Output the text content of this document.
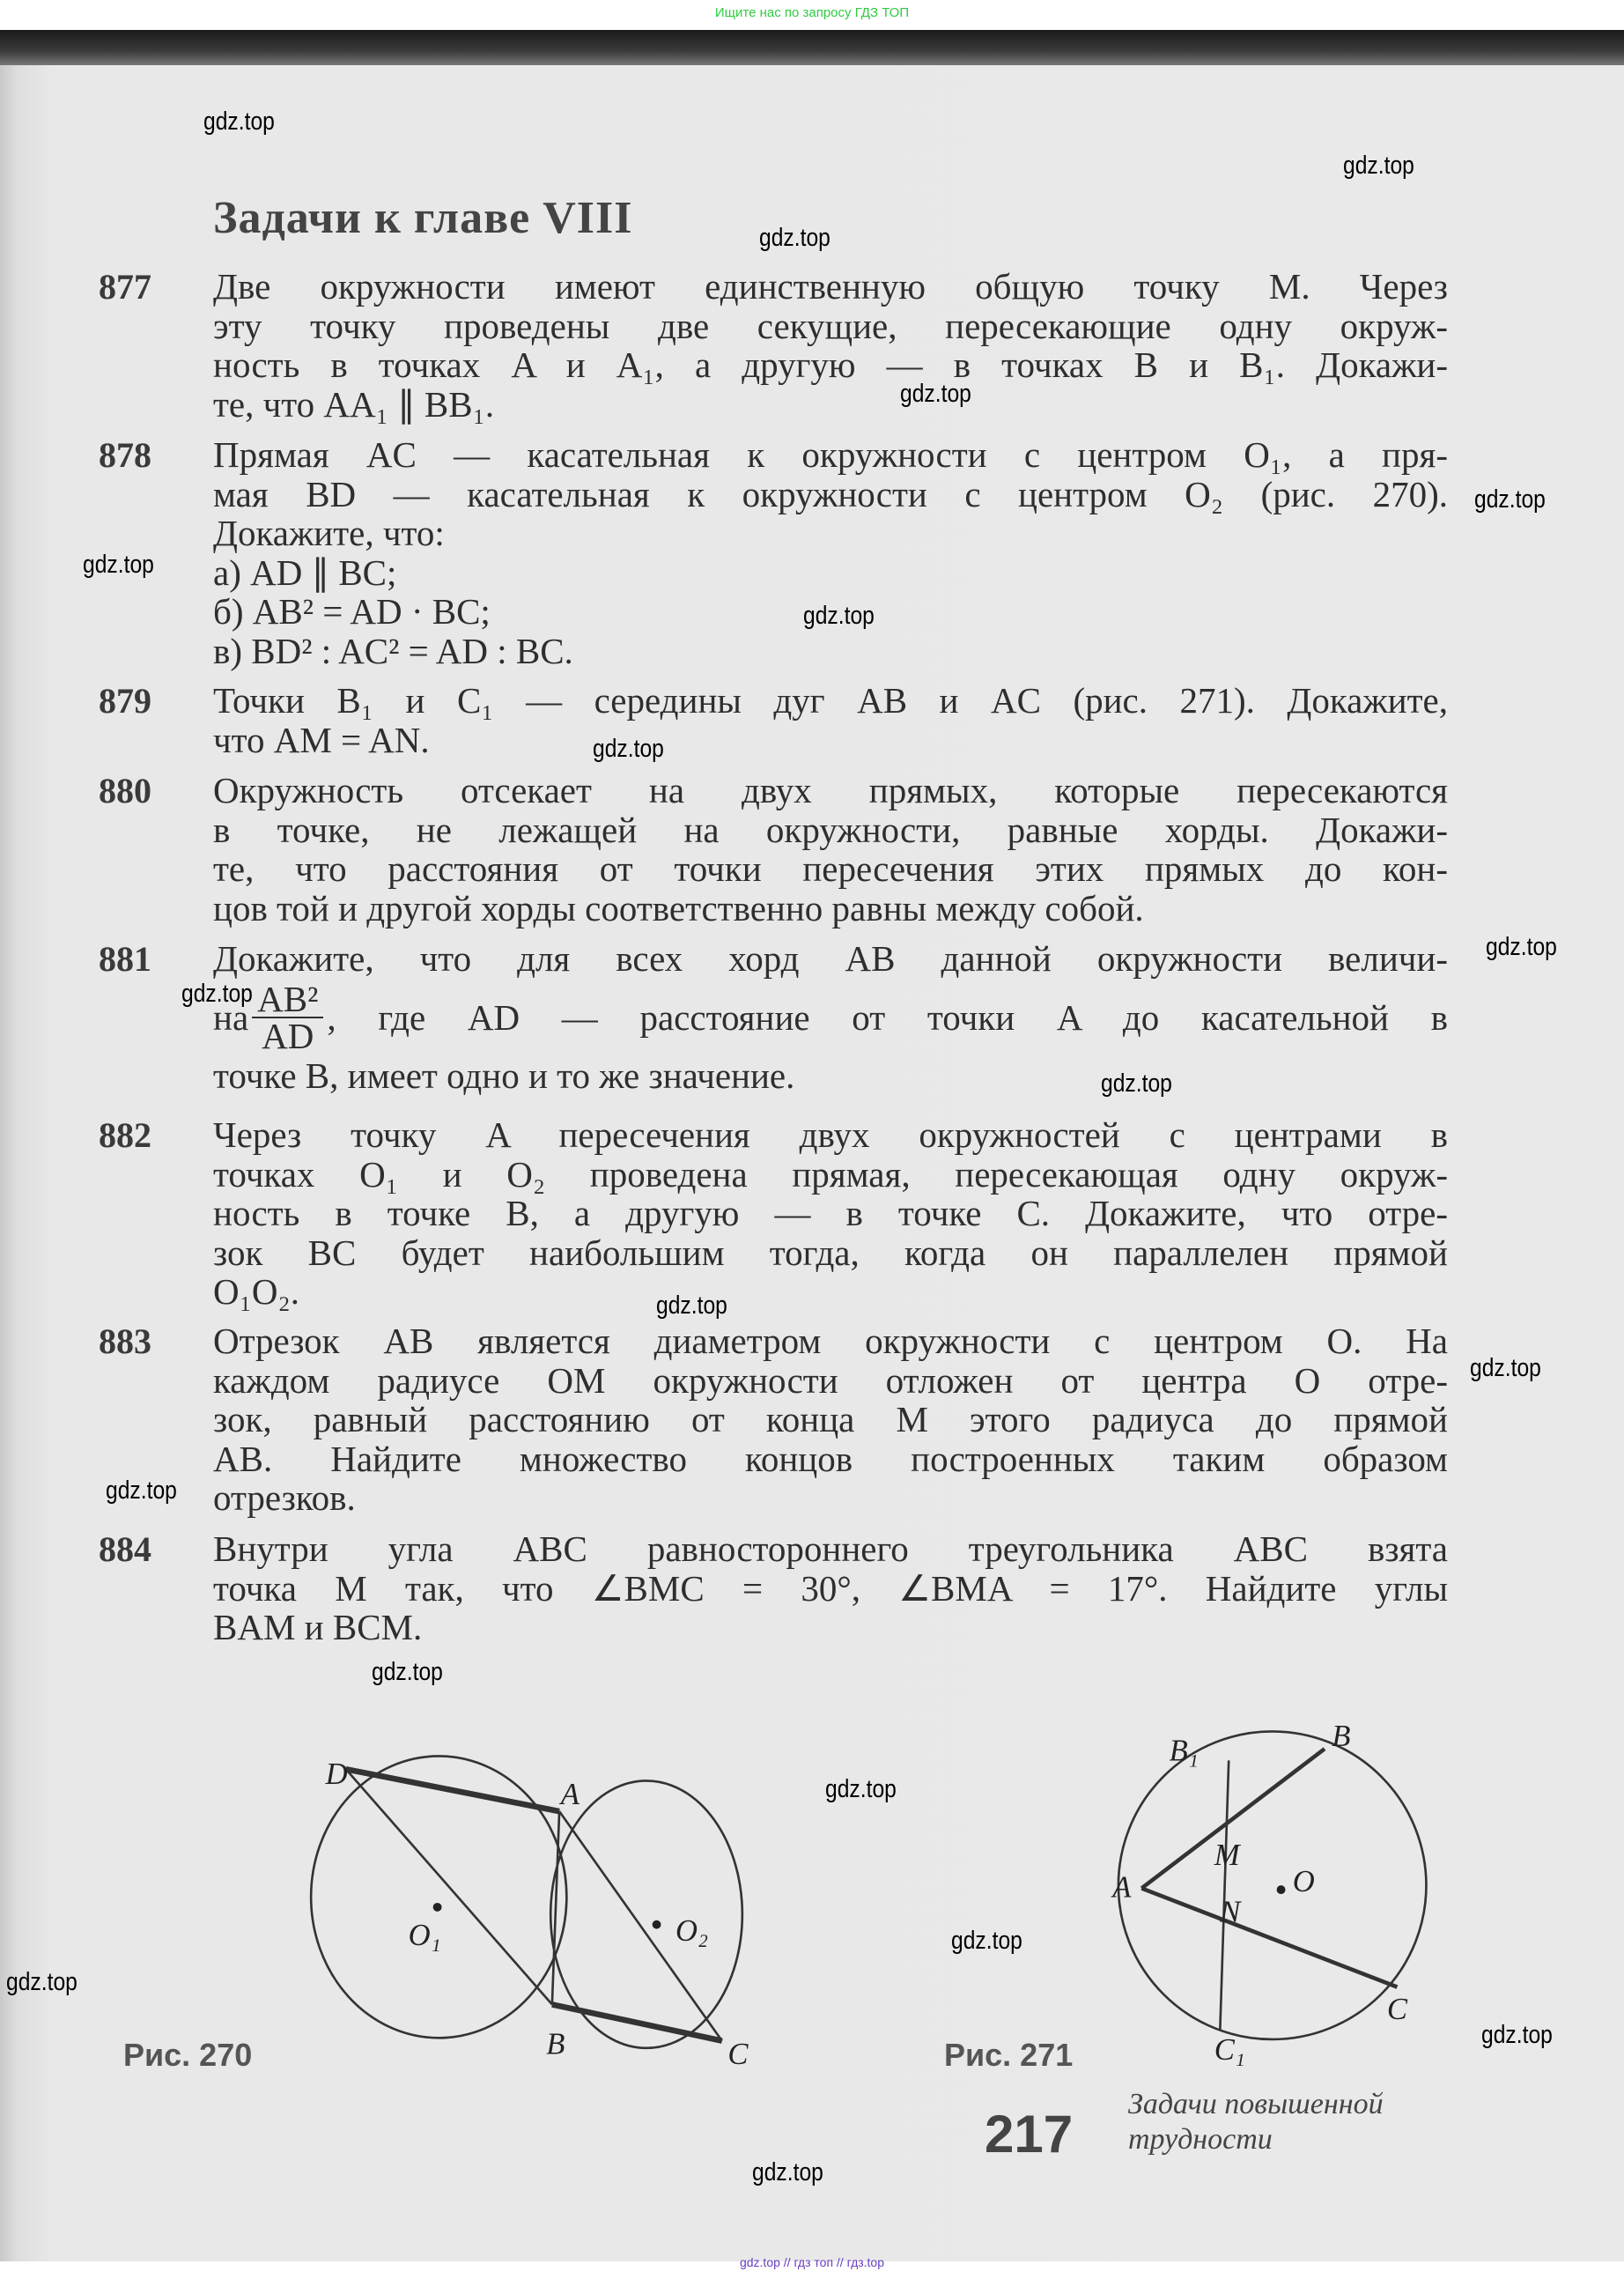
Ищите нас по запросу ГДЗ ТОП
Задачи к главе VIII
877 Две окружности имеют единственную общую точку M. Через
эту точку проведены две секущие, пересекающие одну окруж-
ность в точках A и A₁, а другую — в точках B и B₁. Докажи-
те, что AA₁ ∥ BB₁.
878 Прямая AC — касательная к окружности с центром O₁, а пря-
мая BD — касательная к окружности с центром O₂ (рис. 270).
Докажите, что:
а) AD ∥ BC;
б) AB² = AD · BC;
в) BD² : AC² = AD : BC.
879 Точки B₁ и C₁ — середины дуг AB и AC (рис. 271). Докажите,
что AM = AN.
880 Окружность отсекает на двух прямых, которые пересекаются
в точке, не лежащей на окружности, равные хорды. Докажи-
те, что расстояния от точки пересечения этих прямых до кон-
цов той и другой хорды соответственно равны между собой.
881 Докажите, что для всех хорд AB данной окружности величи-
на $\frac{\text{AB²}}{AD}$ , где AD — расстояние от точки A до касательной в
точке B, имеет одно и то же значение.
882 Через точку A пересечения двух окружностей с центрами в
точках O₁ и O₂ проведена прямая, пересекающая одну окруж-
ность в точке B, а другую — в точке C. Докажите, что отре-
зок BC будет наибольшим тогда, когда он параллелен прямой
O₁O₂.
883 Отрезок AB является диаметром окружности с центром O. На
каждом радиусе OM окружности отложен от центра O отре-
зок, равный расстоянию от конца M этого радиуса до прямой
AB. Найдите множество концов построенных таким образом
отрезков.
884 Внутри угла ABC равностороннего треугольника ABC взята
точка M так, что ∠BMC = 30°, ∠BMA = 17°. Найдите углы
BAM и BCM.
D
A
B	C
O₁	O₂
B₁	B
A
M
N
O
C
C₁
Рис. 270	Рис. 271
217
Задачи повышенной
трудности
gdz.top
gdz.top
gdz.top
gdz.top
gdz.top
gdz.top
gdz.top
gdz.top
gdz.top
gdz.top
gdz.top
gdz.top
gdz.top
gdz.top
gdz.top
gdz.top
gdz.top
gdz.top
gdz.top
gdz.top
gdz.top // гдз топ // гдз.top
